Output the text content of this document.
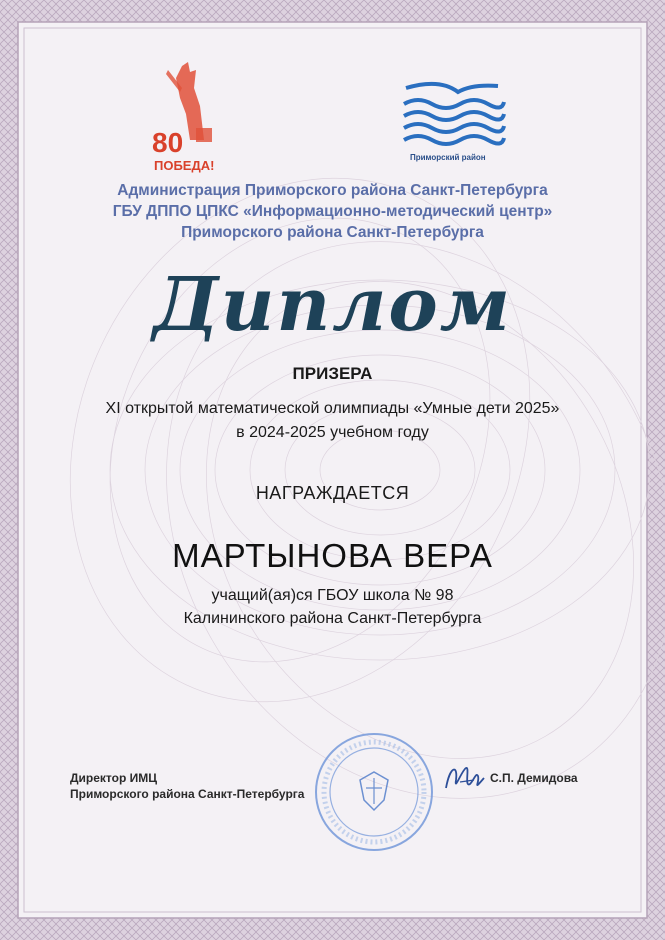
80
ПОБЕДА!
Приморский район
Администрация Приморского района Санкт-Петербурга
ГБУ ДППО ЦПКС «Информационно-методический центр»
Приморского района Санкт-Петербурга
Диплом
ПРИЗЕРА
XI открытой математической олимпиады «Умные дети 2025»
в 2024-2025 учебном году
НАГРАЖДАЕТСЯ
МАРТЫНОВА ВЕРА
учащий(ая)ся ГБОУ школа № 98
Калининского района Санкт-Петербурга
Директор ИМЦ
Приморского района Санкт-Петербурга
С.П. Демидова
